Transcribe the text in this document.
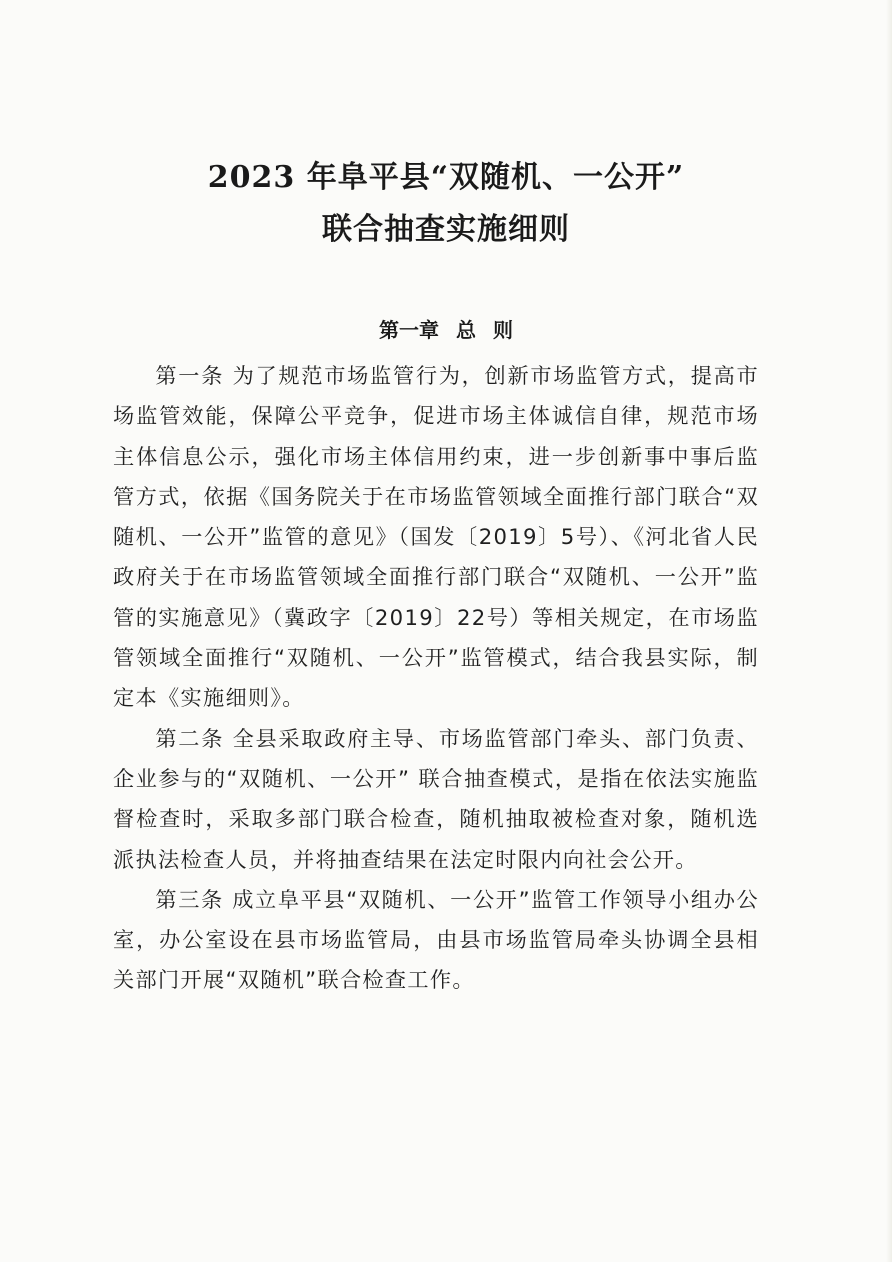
2023 年阜平县“双随机、一公开”
联合抽查实施细则
第一章 总 则

第一条 为了规范市场监管行为，创新市场监管方式，提高市场监管效能，保障公平竞争，促进市场主体诚信自律，规范市场主体信息公示，强化市场主体信用约束，进一步创新事中事后监管方式，依据《国务院关于在市场监管领域全面推行部门联合“双随机、一公开”监管的意见》（国发〔2019〕5号）、《河北省人民政府关于在市场监管领域全面推行部门联合“双随机、一公开”监管的实施意见》（冀政字〔2019〕22号）等相关规定，在市场监管领域全面推行“双随机、一公开”监管模式，结合我县实际，制定本《实施细则》。

第二条 全县采取政府主导、市场监管部门牵头、部门负责、企业参与的“双随机、一公开” 联合抽查模式，是指在依法实施监督检查时，采取多部门联合检查，随机抽取被检查对象，随机选派执法检查人员，并将抽查结果在法定时限内向社会公开。

第三条 成立阜平县“双随机、一公开”监管工作领导小组办公室，办公室设在县市场监管局，由县市场监管局牵头协调全县相关部门开展“双随机”联合检查工作。
